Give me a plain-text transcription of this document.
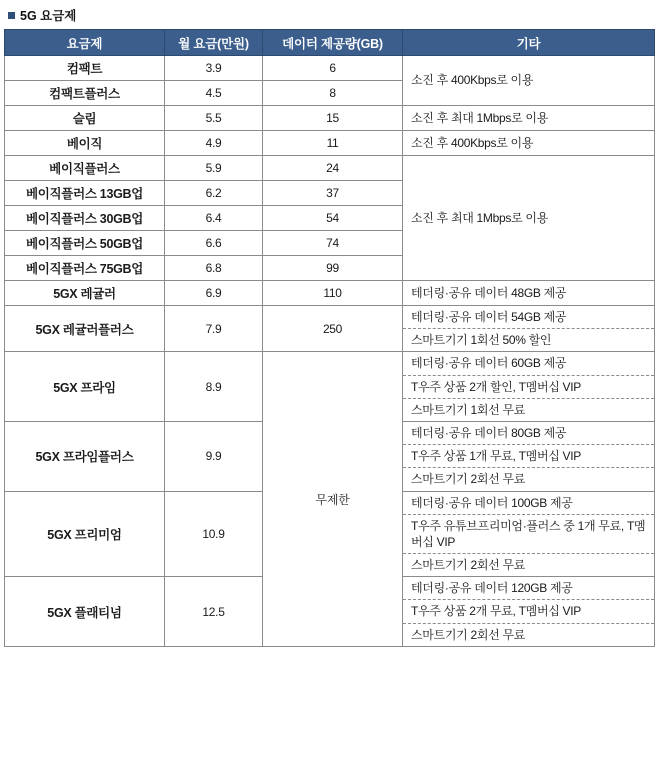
5G 요금제
요금제	월 요금(만원)	데이터 제공량(GB)	기타
컴팩트	3.9	6	소진 후 400Kbps로 이용
컴팩트플러스	4.5	8	
슬림	5.5	15	소진 후 최대 1Mbps로 이용
베이직	4.9	11	소진 후 400Kbps로 이용
베이직플러스	5.9	24	소진 후 최대 1Mbps로 이용
베이직플러스 13GB업	6.2	37	
베이직플러스 30GB업	6.4	54	
베이직플러스 50GB업	6.6	74	
베이직플러스 75GB업	6.8	99	
5GX 레귤러	6.9	110	테더링·공유 데이터 48GB 제공
5GX 레귤러플러스	7.9	250	테더링·공유 데이터 54GB 제공
			스마트기기 1회선 50% 할인
5GX 프라임	8.9	무제한	테더링·공유 데이터 60GB 제공
			T우주 상품 2개 할인, T멤버십 VIP
			스마트기기 1회선 무료
5GX 프라임플러스	9.9		테더링·공유 데이터 80GB 제공
			T우주 상품 1개 무료, T멤버십 VIP
			스마트기기 2회선 무료
5GX 프리미엄	10.9		테더링·공유 데이터 100GB 제공
			T우주 유튜브프리미엄·플러스 중 1개 무료, T멤버십 VIP
			스마트기기 2회선 무료
5GX 플래티넘	12.5		테더링·공유 데이터 120GB 제공
			T우주 상품 2개 무료, T멤버십 VIP
			스마트기기 2회선 무료
